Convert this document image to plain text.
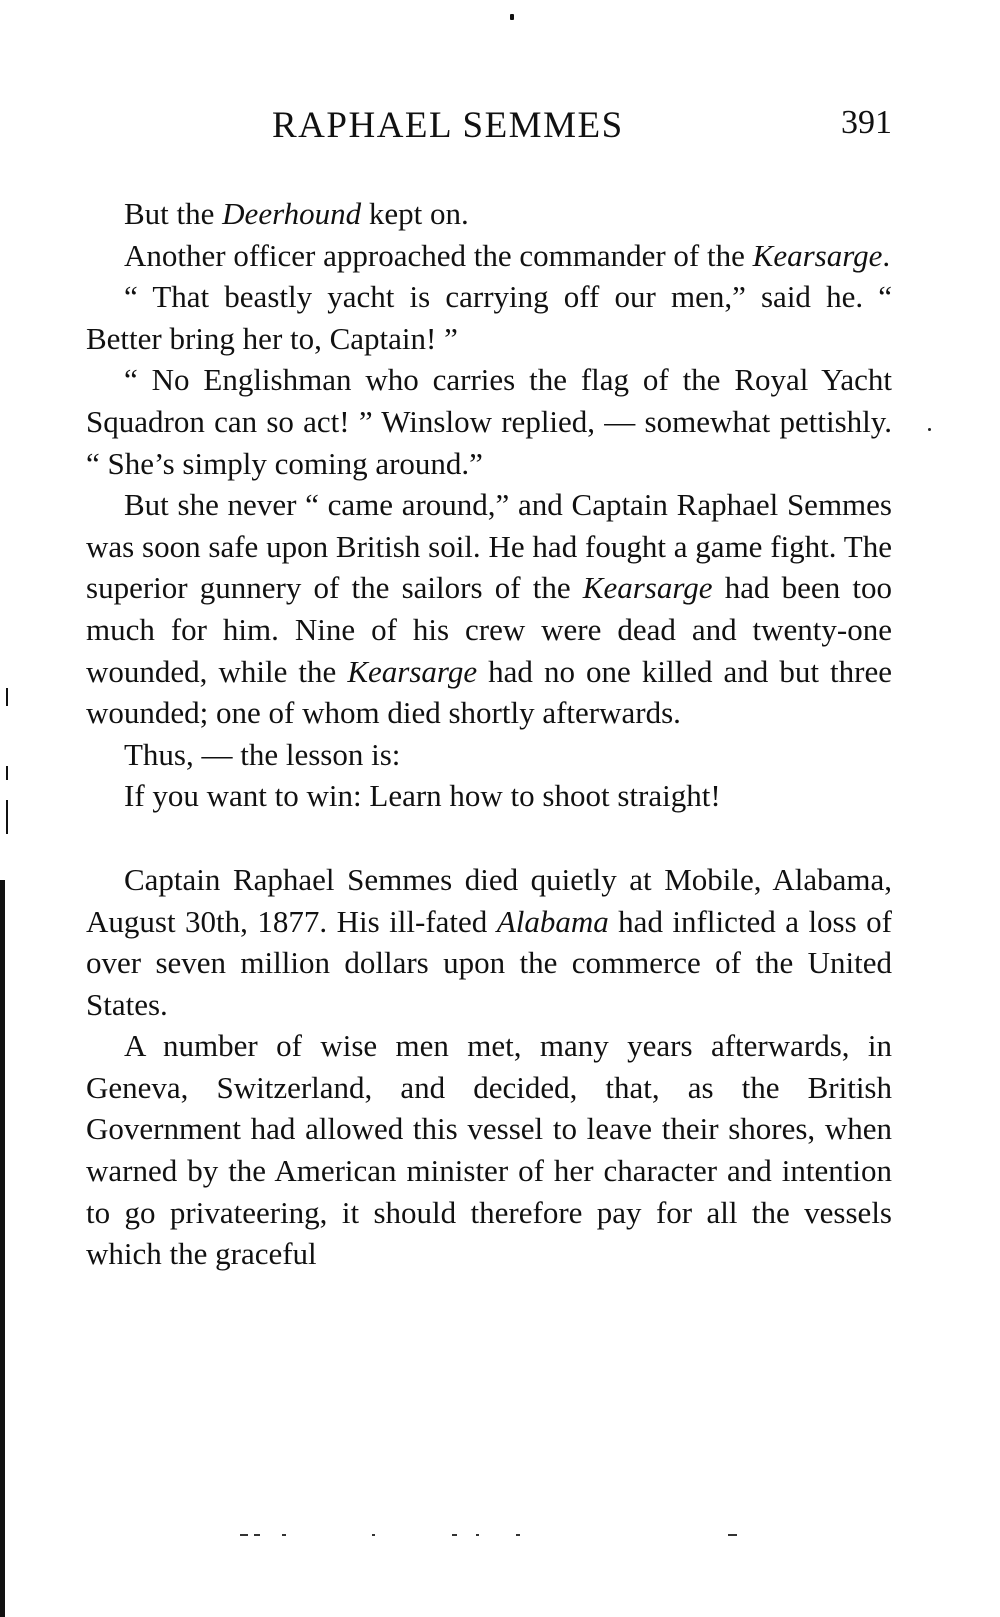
RAPHAEL SEMMES	391

But the Deerhound kept on.

Another officer approached the commander of the Kearsarge.

“ That beastly yacht is carrying off our men,” said he. “ Better bring her to, Captain! ”

“ No Englishman who carries the flag of the Royal Yacht Squadron can so act! ” Winslow replied, — somewhat pettishly. “ She’s simply coming around.”

But she never “ came around,” and Captain Raphael Semmes was soon safe upon British soil. He had fought a game fight. The superior gunnery of the sailors of the Kearsarge had been too much for him. Nine of his crew were dead and twenty-one wounded, while the Kearsarge had no one killed and but three wounded; one of whom died shortly afterwards.

Thus, — the lesson is:

If you want to win: Learn how to shoot straight!

Captain Raphael Semmes died quietly at Mobile, Alabama, August 30th, 1877. His ill-fated Alabama had inflicted a loss of over seven million dollars upon the commerce of the United States.

A number of wise men met, many years afterwards, in Geneva, Switzerland, and decided, that, as the British Government had allowed this vessel to leave their shores, when warned by the American minister of her character and intention to go privateering, it should therefore pay for all the vessels which the graceful
